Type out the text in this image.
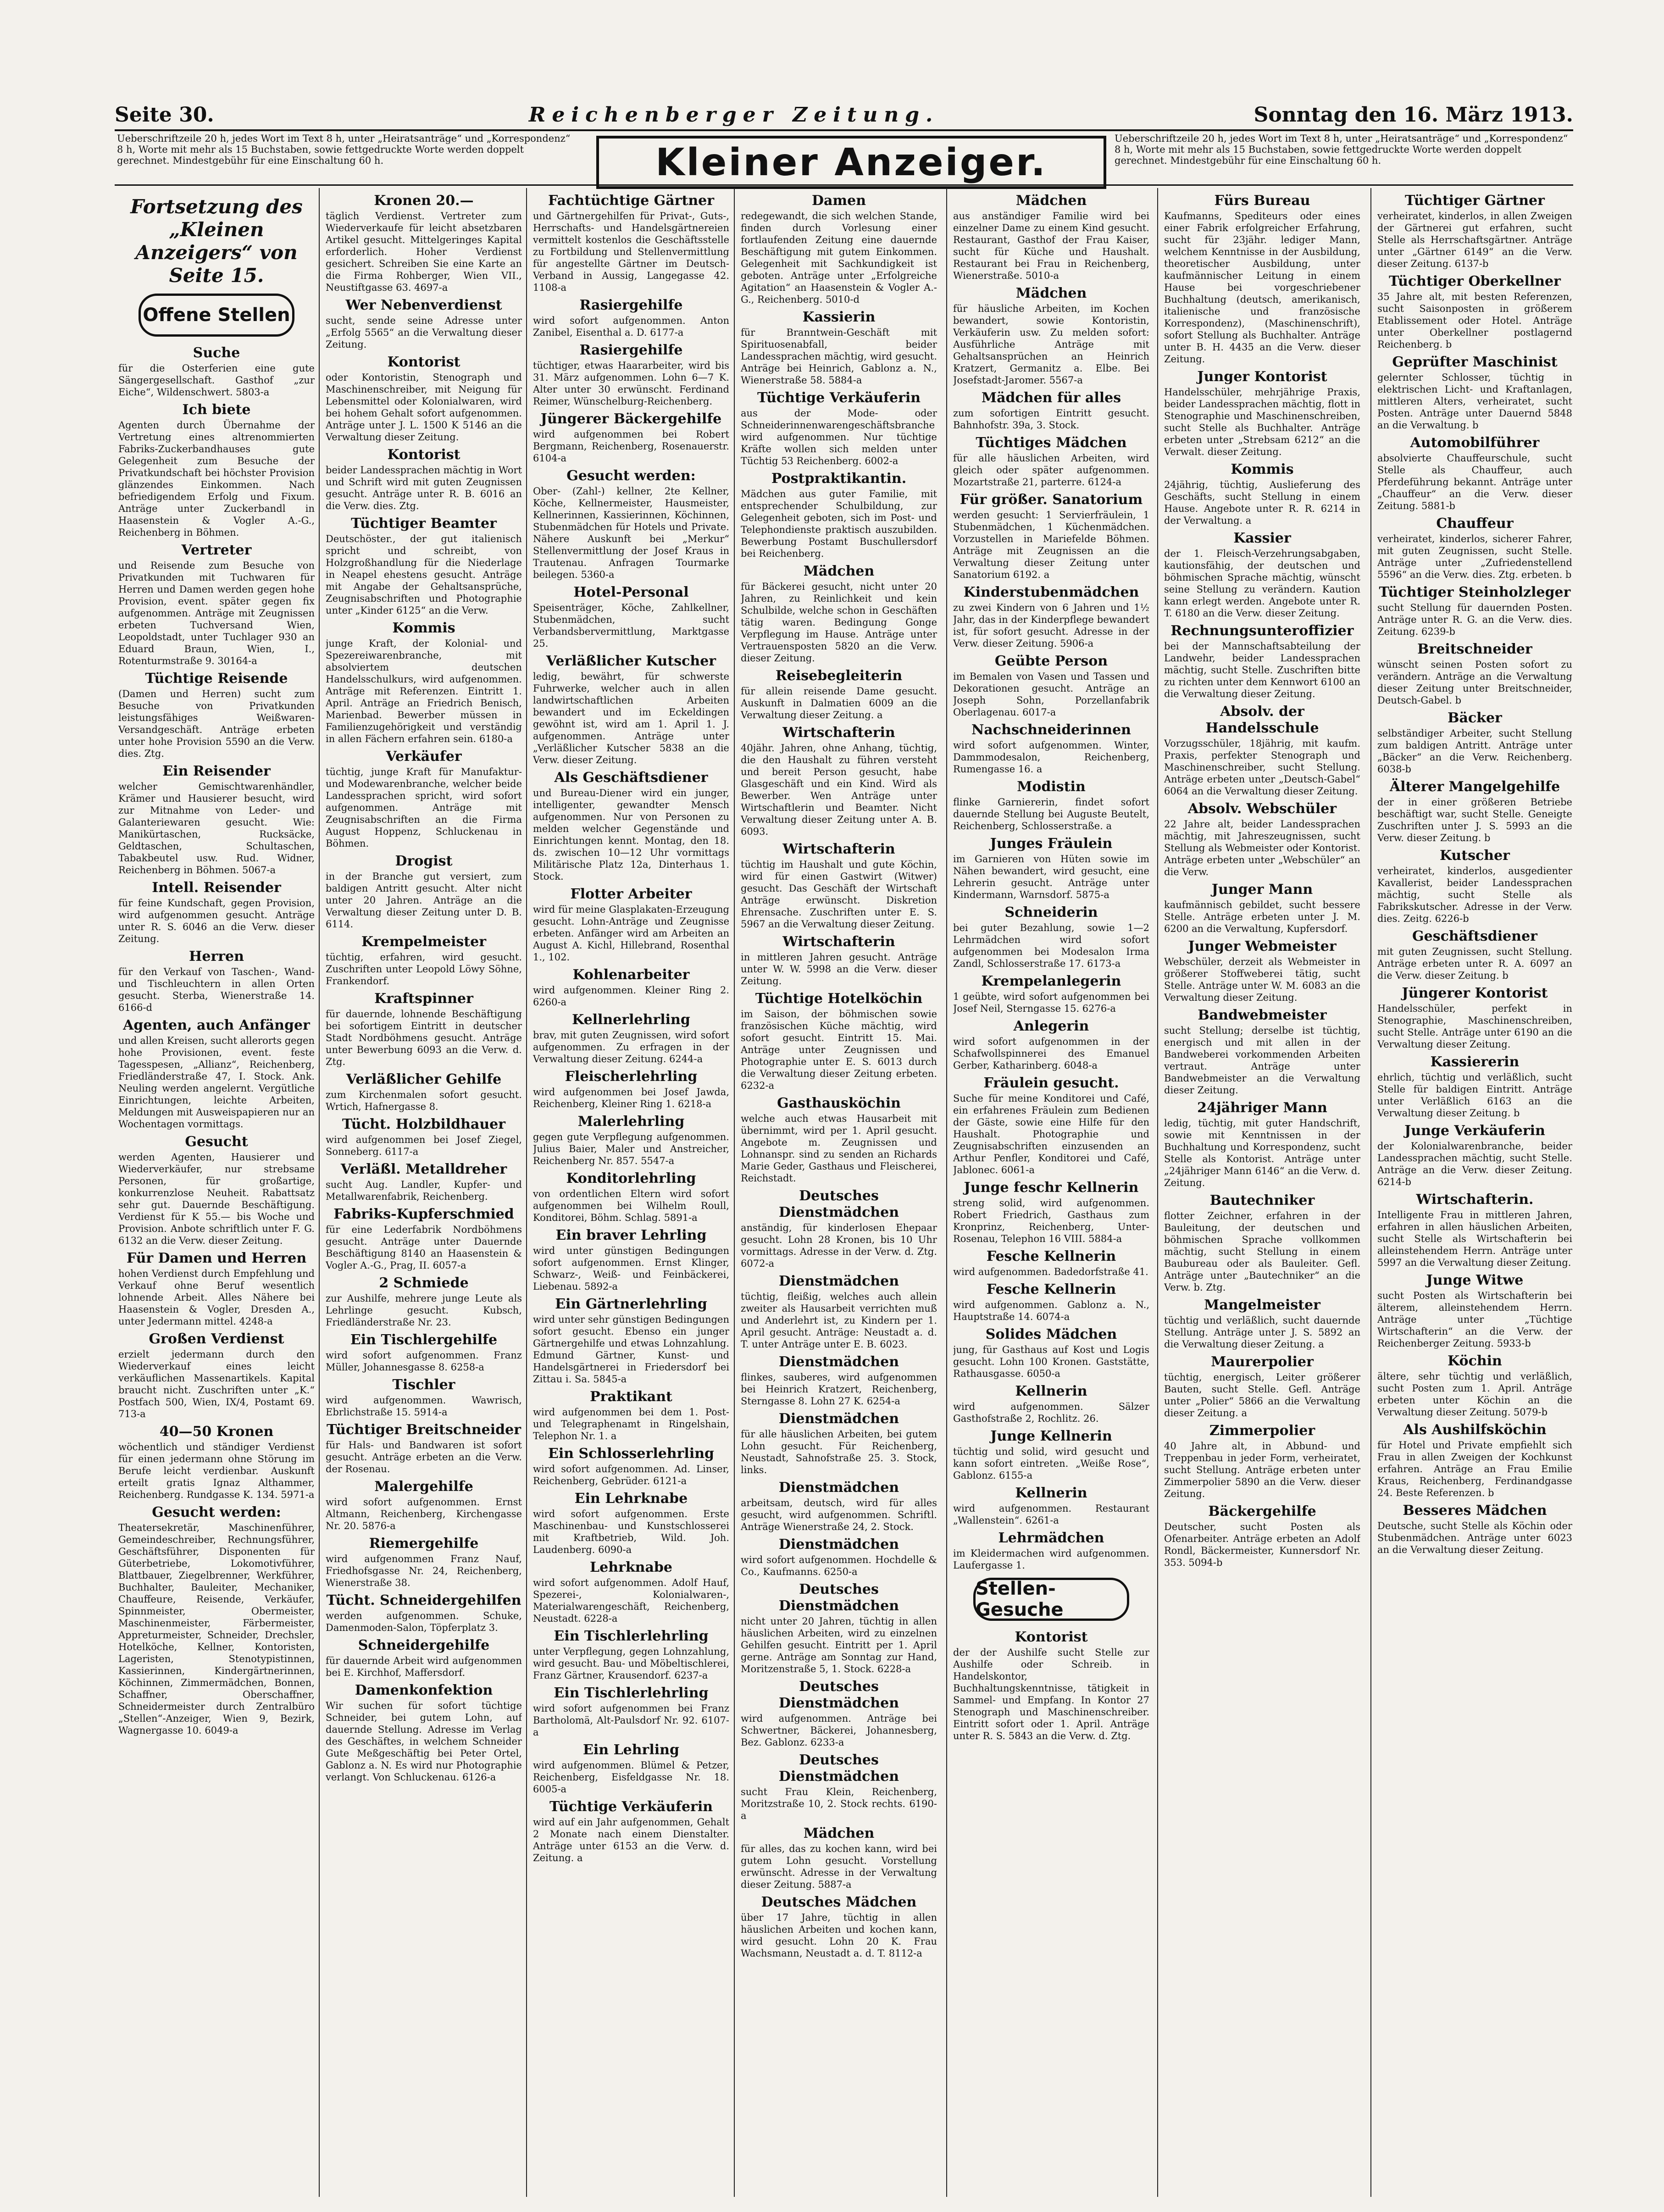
Seite 30.	Reichenberger Zeitung.	Sonntag den 16. März 1913.
Ueberschriftzeile 20 h, jedes Wort im Text 8 h, unter „Heiratsanträge“ und „Korrespondenz“ 8 h, Worte mit mehr als 15 Buchstaben, sowie fettgedruckte Worte werden doppelt gerechnet. Mindestgebühr für eine Einschaltung 60 h.	Kleiner Anzeiger.
Ueberschriftzeile 20 h, jedes Wort im Text 8 h, unter „Heiratsanträge“ und „Korrespondenz“ 8 h, Worte mit mehr als 15 Buchstaben, sowie fettgedruckte Worte werden doppelt gerechnet. Mindestgebühr für eine Einschaltung 60 h.
Fortsetzung des „Kleinen Anzeigers“ von Seite 15.
Offene Stellen
Suche
für die Osterferien eine gute Sängergesellschaft. Gasthof „zur Eiche“, Wildenschwert. 5803-a
Ich biete
Agenten durch Übernahme der Vertretung eines altrenommierten Fabriks-Zuckerbandhauses gute Gelegenheit zum Besuche der Privatkundschaft bei höchster Provision glänzendes Einkommen. Nach befriedigendem Erfolg und Fixum. Anträge unter Zuckerbandl in Haasenstein & Vogler A.-G., Reichenberg in Böhmen.
Vertreter
und Reisende zum Besuche von Privatkunden mit Tuchwaren für Herren und Damen werden gegen hohe Provision, event. später gegen fix aufgenommen. Anträge mit Zeugnissen erbeten Tuchversand Wien, Leopoldstadt, unter Tuchlager 930 an Eduard Braun, Wien, I., Rotenturmstraße 9. 30164-a
Tüchtige Reisende
(Damen und Herren) sucht zum Besuche von Privatkunden leistungsfähiges Weißwaren- Versandgeschäft. Anträge erbeten unter hohe Provision 5590 an die Verw. dies. Ztg.
Ein Reisender
welcher Gemischtwarenhändler, Krämer und Hausierer besucht, wird zur Mitnahme von Leder- und Galanteriewaren gesucht. Wie: Manikürtaschen, Rucksäcke, Geldtaschen, Schultaschen, Tabakbeutel usw. Rud. Widner, Reichenberg in Böhmen. 5067-a
Intell. Reisender
für feine Kundschaft, gegen Provision, wird aufgenommen gesucht. Anträge unter R. S. 6046 an die Verw. dieser Zeitung.
Herren
für den Verkauf von Taschen-, Wand- und Tischleuchtern in allen Orten gesucht. Sterba, Wienerstraße 14. 6166-d
Agenten, auch Anfänger
und allen Kreisen, sucht allerorts gegen hohe Provisionen, event. feste Tagesspesen, „Allianz“, Reichenberg, Friedländerstraße 47, I. Stock. Ank. Neuling werden angelernt. Vergütliche Einrichtungen, leichte Arbeiten, Meldungen mit Ausweispapieren nur an Wochentagen vormittags.
Gesucht
werden Agenten, Hausierer und Wiederverkäufer, nur strebsame Personen, für großartige, konkurrenzlose Neuheit. Rabattsatz sehr gut. Dauernde Beschäftigung. Verdienst für K 55.— bis Woche und Provision. Anbote schriftlich unter F. G. 6132 an die Verw. dieser Zeitung.
Für Damen und Herren
hohen Verdienst durch Empfehlung und Verkauf ohne Beruf wesentlich lohnende Arbeit. Alles Nähere bei Haasenstein & Vogler, Dresden A., unter Jedermann mittel. 4248-a
Großen Verdienst
erzielt jedermann durch den Wiederverkauf eines leicht verkäuflichen Massenartikels. Kapital braucht nicht. Zuschriften unter „K.“ Postfach 500, Wien, IX/4, Postamt 69. 713-a
40—50 Kronen
wöchentlich und ständiger Verdienst für einen jedermann ohne Störung im Berufe leicht verdienbar. Auskunft erteilt gratis Ignaz Althammer, Reichenberg. Rundgasse K. 134. 5971-a
Gesucht werden:
Theatersekretär, Maschinenführer, Gemeindeschreiber, Rechnungsführer, Geschäftsführer, Disponenten für Güterbetriebe, Lokomotivführer, Blattbauer, Ziegelbrenner, Werkführer, Buchhalter, Bauleiter, Mechaniker, Chauffeure, Reisende, Verkäufer, Spinnmeister, Obermeister, Maschinenmeister, Färbermeister, Appreturmeister, Schneider, Drechsler, Hotelköche, Kellner, Kontoristen, Lageristen, Stenotypistinnen, Kassierinnen, Kindergärtnerinnen, Köchinnen, Zimmermädchen, Bonnen, Schaffner, Oberschaffner, Schneidermeister durch Zentralbüro „Stellen“-Anzeiger, Wien 9, Bezirk, Wagnergasse 10. 6049-a
Kronen 20.—
täglich Verdienst. Vertreter zum Wiederverkaufe für leicht absetzbaren Artikel gesucht. Mittelgeringes Kapital erforderlich. Hoher Verdienst gesichert. Schreiben Sie eine Karte an die Firma Rohberger, Wien VII., Neustiftgasse 63. 4697-a
Wer Nebenverdienst
sucht, sende seine Adresse unter „Erfolg 5565“ an die Verwaltung dieser Zeitung.
Kontorist
oder Kontoristin, Stenograph und Maschinenschreiber, mit Neigung für Lebensmittel oder Kolonialwaren, wird bei hohem Gehalt sofort aufgenommen. Anträge unter J. L. 1500 K 5146 an die Verwaltung dieser Zeitung.
Kontorist
beider Landessprachen mächtig in Wort und Schrift wird mit guten Zeugnissen gesucht. Anträge unter R. B. 6016 an die Verw. dies. Ztg.
Tüchtiger Beamter
Deutschöster., der gut italienisch spricht und schreibt, von Holzgroßhandlung für die Niederlage in Neapel ehestens gesucht. Anträge mit Angabe der Gehaltsansprüche, Zeugnisabschriften und Photographie unter „Kinder 6125“ an die Verw.
Kommis
junge Kraft, der Kolonial- und Spezereiwarenbranche, mit absolviertem deutschen Handelsschulkurs, wird aufgenommen. Anträge mit Referenzen. Eintritt 1. April. Anträge an Friedrich Benisch, Marienbad. Bewerber müssen in Familienzugehörigkeit und verständig in allen Fächern erfahren sein. 6180-a
Verkäufer
tüchtig, junge Kraft für Manufaktur- und Modewarenbranche, welcher beide Landessprachen spricht, wird sofort aufgenommen. Anträge mit Zeugnisabschriften an die Firma August Hoppenz, Schluckenau in Böhmen.
Drogist
in der Branche gut versiert, zum baldigen Antritt gesucht. Alter nicht unter 20 Jahren. Anträge an die Verwaltung dieser Zeitung unter D. B. 6114.
Krempelmeister
tüchtig, erfahren, wird gesucht. Zuschriften unter Leopold Löwy Söhne, Frankendorf.
Kraftspinner
für dauernde, lohnende Beschäftigung bei sofortigem Eintritt in deutscher Stadt Nordböhmens gesucht. Anträge unter Bewerbung 6093 an die Verw. d. Ztg.
Verläßlicher Gehilfe
zum Kirchenmalen sofort gesucht. Wrtich, Hafnergasse 8.
Tücht. Holzbildhauer
wird aufgenommen bei Josef Ziegel, Sonneberg. 6117-a
Verläßl. Metalldreher
sucht Aug. Landler, Kupfer- und Metallwarenfabrik, Reichenberg.
Fabriks-Kupferschmied
für eine Lederfabrik Nordböhmens gesucht. Anträge unter Dauernde Beschäftigung 8140 an Haasenstein & Vogler A.-G., Prag, II. 6057-a
2 Schmiede
zur Aushilfe, mehrere junge Leute als Lehrlinge gesucht. Kubsch, Friedländerstraße Nr. 23.
Ein Tischlergehilfe
wird sofort aufgenommen. Franz Müller, Johannesgasse 8. 6258-a
Tischler
wird aufgenommen. Wawrisch, Ebrlichstraße 15. 5914-a
Tüchtiger Breitschneider
für Hals- und Bandwaren ist sofort gesucht. Anträge erbeten an die Verw. der Rosenau.
Malergehilfe
wird sofort aufgenommen. Ernst Altmann, Reichenberg, Kirchengasse Nr. 20. 5876-a
Riemergehilfe
wird aufgenommen Franz Nauf, Friedhofsgasse Nr. 24, Reichenberg, Wienerstraße 38.
Tücht. Schneidergehilfen
werden aufgenommen. Schuke, Damenmoden-Salon, Töpferplatz 3.
Schneidergehilfe
für dauernde Arbeit wird aufgenommen bei E. Kirchhof, Maffersdorf.
Damenkonfektion
Wir suchen für sofort tüchtige Schneider, bei gutem Lohn, auf dauernde Stellung. Adresse im Verlag des Geschäftes, in welchem Schneider Gute Meßgeschäftig bei Peter Ortel, Gablonz a. N. Es wird nur Photographie verlangt. Von Schluckenau. 6126-a
Fachtüchtige Gärtner
und Gärtnergehilfen für Privat-, Guts-, Herrschafts- und Handelsgärtnereien vermittelt kostenlos die Geschäftsstelle zu Fortbildung und Stellenvermittlung für angestellte Gärtner im Deutsch-Verband in Aussig, Langegasse 42. 1108-a
Rasiergehilfe
wird sofort aufgenommen. Anton Zanibel, Eisenthal a. D. 6177-a
Rasiergehilfe
tüchtiger, etwas Haararbeiter, wird bis 31. März aufgenommen. Lohn 6—7 K. Alter unter 30 erwünscht. Ferdinand Reimer, Wünschelburg-Reichenberg.
Jüngerer Bäckergehilfe
wird aufgenommen bei Robert Bergmann, Reichenberg, Rosenauerstr. 6104-a
Gesucht werden:
Ober- (Zahl-) kellner, 2te Kellner, Köche, Kellnermeister, Hausmeister, Kellnerinnen, Kassierinnen, Köchinnen, Stubenmädchen für Hotels und Private. Nähere Auskunft bei „Merkur“ Stellenvermittlung der Josef Kraus in Trautenau. Anfragen Tourmarke beilegen. 5360-a
Hotel-Personal
Speisenträger, Köche, Zahlkellner, Stubenmädchen, sucht Verbandsbervermittlung, Marktgasse 25.
Verläßlicher Kutscher
ledig, bewährt, für schwerste Fuhrwerke, welcher auch in allen landwirtschaftlichen Arbeiten bewandert und im Eckeldingen gewöhnt ist, wird am 1. April 1. J. aufgenommen. Anträge unter „Verläßlicher Kutscher 5838 an die Verw. dieser Zeitung.
Als Geschäftsdiener
und Bureau-Diener wird ein junger, intelligenter, gewandter Mensch aufgenommen. Nur von Personen zu melden welcher Gegenstände und Einrichtungen kennt. Montag, den 18. ds. zwischen 10—12 Uhr vormittags Militärische Platz 12a, Dinterhaus 1. Stock.
Flotter Arbeiter
wird für meine Glasplakaten-Erzeugung gesucht. Lohn-Anträge und Zeugnisse erbeten. Anfänger wird am Arbeiten an August A. Kichl, Hillebrand, Rosenthal 1., 102.
Kohlenarbeiter
wird aufgenommen. Kleiner Ring 2. 6260-a
Kellnerlehrling
brav, mit guten Zeugnissen, wird sofort aufgenommen. Zu erfragen in der Verwaltung dieser Zeitung. 6244-a
Fleischerlehrling
wird aufgenommen bei Josef Jawda, Reichenberg, Kleiner Ring 1. 6218-a
Malerlehrling
gegen gute Verpflegung aufgenommen. Julius Baier, Maler und Anstreicher, Reichenberg Nr. 857. 5547-a
Konditorlehrling
von ordentlichen Eltern wird sofort aufgenommen bei Wilhelm Roull, Konditorei, Böhm. Schlag. 5891-a
Ein braver Lehrling
wird unter günstigen Bedingungen sofort aufgenommen. Ernst Klinger, Schwarz-, Weiß- und Feinbäckerei, Liebenau. 5892-a
Ein Gärtnerlehrling
wird unter sehr günstigen Bedingungen sofort gesucht. Ebenso ein junger Gärtnergehilfe und etwas Lohnzahlung. Edmund Gärtner, Kunst- und Handelsgärtnerei in Friedersdorf bei Zittau i. Sa. 5845-a
Praktikant
wird aufgenommen bei dem 1. Post- und Telegraphenamt in Ringelshain, Telephon Nr. 1. a
Ein Schlosserlehrling
wird sofort aufgenommen. Ad. Linser, Reichenberg, Gebrüder. 6121-a
Ein Lehrknabe
wird sofort aufgenommen. Erste Maschinenbau- und Kunstschlosserei mit Kraftbetrieb, Wild. Joh. Laudenberg. 6090-a
Lehrknabe
wird sofort aufgenommen. Adolf Hauf, Spezerei-, Kolonialwaren-, Materialwarengeschäft, Reichenberg, Neustadt. 6228-a
Ein Tischlerlehrling
unter Verpflegung, gegen Lohnzahlung, wird gesucht. Bau- und Möbeltischlerei, Franz Gärtner, Krausendorf. 6237-a
Ein Tischlerlehrling
wird sofort aufgenommen bei Franz Bartholomä, Alt-Paulsdorf Nr. 92. 6107-a
Ein Lehrling
wird aufgenommen. Blümel & Petzer, Reichenberg, Eisfeldgasse Nr. 18. 6005-a
Tüchtige Verkäuferin
wird auf ein Jahr aufgenommen, Gehalt 2 Monate nach einem Dienstalter. Anträge unter 6153 an die Verw. d. Zeitung. a
Damen
redegewandt, die sich welchen Stande, finden durch Vorlesung einer fortlaufenden Zeitung eine dauernde Beschäftigung mit gutem Einkommen. Gelegenheit mit Sachkundigkeit ist geboten. Anträge unter „Erfolgreiche Agitation“ an Haasenstein & Vogler A.-G., Reichenberg. 5010-d
Kassierin
für Branntwein-Geschäft mit Spirituosenabfall, beider Landessprachen mächtig, wird gesucht. Anträge bei Heinrich, Gablonz a. N., Wienerstraße 58. 5884-a
Tüchtige Verkäuferin
aus der Mode- oder Schneiderinnenwarengeschäftsbranche wird aufgenommen. Nur tüchtige Kräfte wollen sich melden unter Tüchtig 53 Reichenberg. 6002-a
Postpraktikantin.
Mädchen aus guter Familie, mit entsprechender Schulbildung, zur Gelegenheit geboten, sich im Post- und Telephondienste praktisch auszubilden. Bewerbung Postamt Buschullersdorf bei Reichenberg.
Mädchen
für Bäckerei gesucht, nicht unter 20 Jahren, zu Reinlichkeit und kein Schulbilde, welche schon in Geschäften tätig waren. Bedingung Gonge Verpflegung im Hause. Anträge unter Vertrauensposten 5820 an die Verw. dieser Zeitung.
Reisebegleiterin
für allein reisende Dame gesucht. Auskunft in Dalmatien 6009 an die Verwaltung dieser Zeitung. a
Wirtschafterin
40jähr. Jahren, ohne Anhang, tüchtig, die den Haushalt zu führen versteht und bereit Person gesucht, habe Glasgeschäft und ein Kind. Wird als Bewerber. Wen Anträge unter Wirtschaftlerin und Beamter. Nicht Verwaltung dieser Zeitung unter A. B. 6093.
Wirtschafterin
tüchtig im Haushalt und gute Köchin, wird für einen Gastwirt (Witwer) gesucht. Das Geschäft der Wirtschaft Anträge erwünscht. Diskretion Ehrensache. Zuschriften unter E. S. 5967 an die Verwaltung dieser Zeitung.
Wirtschafterin
in mittleren Jahren gesucht. Anträge unter W. W. 5998 an die Verw. dieser Zeitung.
Tüchtige Hotelköchin
im Saison, der böhmischen sowie französischen Küche mächtig, wird sofort gesucht. Eintritt 15. Mai. Anträge unter Zeugnissen und Photographie unter E. S. 6013 durch die Verwaltung dieser Zeitung erbeten. 6232-a
Gasthausköchin
welche auch etwas Hausarbeit mit übernimmt, wird per 1. April gesucht. Angebote m. Zeugnissen und Lohnanspr. sind zu senden an Richards Marie Geder, Gasthaus und Fleischerei, Reichstadt.
Deutsches Dienstmädchen
anständig, für kinderlosen Ehepaar gesucht. Lohn 28 Kronen, bis 10 Uhr vormittags. Adresse in der Verw. d. Ztg. 6072-a
Dienstmädchen
tüchtig, fleißig, welches auch allein zweiter als Hausarbeit verrichten muß und Anderlehrt ist, zu Kindern per 1. April gesucht. Anträge: Neustadt a. d. T. unter Anträge unter E. B. 6023.
Dienstmädchen
flinkes, sauberes, wird aufgenommen bei Heinrich Kratzert, Reichenberg, Sterngasse 8. Lohn 27 K. 6254-a
Dienstmädchen
für alle häuslichen Arbeiten, bei gutem Lohn gesucht. Für Reichenberg, Neustadt, Sahnofstraße 25. 3. Stock, links.
Dienstmädchen
arbeitsam, deutsch, wird für alles gesucht, wird aufgenommen. Schriftl. Anträge Wienerstraße 24, 2. Stock.
Dienstmädchen
wird sofort aufgenommen. Hochdelle & Co., Kaufmanns. 6250-a
Deutsches Dienstmädchen
nicht unter 20 Jahren, tüchtig in allen häuslichen Arbeiten, wird zu einzelnen Gehilfen gesucht. Eintritt per 1. April gerne. Anträge am Sonntag zur Hand, Moritzenstraße 5, 1. Stock. 6228-a
Deutsches Dienstmädchen
wird aufgenommen. Anträge bei Schwertner, Bäckerei, Johannesberg, Bez. Gablonz. 6233-a
Deutsches Dienstmädchen
sucht Frau Klein, Reichenberg, Moritzstraße 10, 2. Stock rechts. 6190-a
Mädchen
für alles, das zu kochen kann, wird bei gutem Lohn gesucht. Vorstellung erwünscht. Adresse in der Verwaltung dieser Zeitung. 5887-a
Deutsches Mädchen
über 17 Jahre, tüchtig in allen häuslichen Arbeiten und kochen kann, wird gesucht. Lohn 20 K. Frau Wachsmann, Neustadt a. d. T. 8112-a
Mädchen
aus anständiger Familie wird bei einzelner Dame zu einem Kind gesucht. Restaurant, Gasthof der Frau Kaiser, sucht für Küche und Haushalt. Restaurant bei Frau in Reichenberg, Wienerstraße. 5010-a
Mädchen
für häusliche Arbeiten, im Kochen bewandert, sowie Kontoristin, Verkäuferin usw. Zu melden sofort: Ausführliche Anträge mit Gehaltsansprüchen an Heinrich Kratzert, Germanitz a. Elbe. Bei Josefstadt-Jaromer. 5567-a
Mädchen für alles
zum sofortigen Eintritt gesucht. Bahnhofstr. 39a, 3. Stock.
Tüchtiges Mädchen
für alle häuslichen Arbeiten, wird gleich oder später aufgenommen. Mozartstraße 21, parterre. 6124-a
Für größer. Sanatorium
werden gesucht: 1 Servierfräulein, 1 Stubenmädchen, 1 Küchenmädchen. Vorzustellen in Mariefelde Böhmen. Anträge mit Zeugnissen an die Verwaltung dieser Zeitung unter Sanatorium 6192. a
Kinderstubenmädchen
zu zwei Kindern von 6 Jahren und 1½ Jahr, das in der Kinderpflege bewandert ist, für sofort gesucht. Adresse in der Verw. dieser Zeitung. 5906-a
Geübte Person
im Bemalen von Vasen und Tassen und Dekorationen gesucht. Anträge an Joseph Sohn, Porzellanfabrik Oberlagenau. 6017-a
Nachschneiderinnen
wird sofort aufgenommen. Winter, Dammmodesalon, Reichenberg, Rumengasse 16. a
Modistin
flinke Garniererin, findet sofort dauernde Stellung bei Auguste Beutelt, Reichenberg, Schlosserstraße. a
Junges Fräulein
im Garnieren von Hüten sowie im Nähen bewandert, wird gesucht, eine Lehrerin gesucht. Anträge unter Kindermann, Warnsdorf. 5875-a
Schneiderin
bei guter Bezahlung, sowie 1—2 Lehrmädchen wird sofort aufgenommen bei Modesalon Irma Zandl, Schlosserstraße 17. 6173-a
Krempelanlegerin
1 geübte, wird sofort aufgenommen bei Josef Neil, Sterngasse 15. 6276-a
Anlegerin
wird sofort aufgenommen in der Schafwollspinnerei des Emanuel Gerber, Katharinberg. 6048-a
Fräulein gesucht.
Suche für meine Konditorei und Café, ein erfahrenes Fräulein zum Bedienen der Gäste, sowie eine Hilfe für den Haushalt. Photographie und Zeugnisabschriften einzusenden an Arthur Penfler, Konditorei und Café, Jablonec. 6061-a
Junge feschr Kellnerin
streng solid, wird aufgenommen. Robert Friedrich, Gasthaus zum Kronprinz, Reichenberg, Unter-Rosenau, Telephon 16 VIII. 5884-a
Fesche Kellnerin
wird aufgenommen. Badedorfstraße 41.
Fesche Kellnerin
wird aufgenommen. Gablonz a. N., Hauptstraße 14. 6074-a
Solides Mädchen
jung, für Gasthaus auf Kost und Logis gesucht. Lohn 100 Kronen. Gaststätte, Rathausgasse. 6050-a
Kellnerin
wird aufgenommen. Sälzer Gasthofstraße 2, Rochlitz. 26.
Junge Kellnerin
tüchtig und solid, wird gesucht und kann sofort eintreten. „Weiße Rose“, Gablonz. 6155-a
Kellnerin
wird aufgenommen. Restaurant „Wallenstein“. 6261-a
Lehrmädchen
im Kleidermachen wird aufgenommen. Laufergasse 1.
Stellen-Gesuche
Kontorist
der der Aushilfe sucht Stelle zur Aushilfe oder Schreib. in Handelskontor, Buchhaltungskenntnisse, tätigkeit in Sammel- und Empfang. In Kontor 27 Stenograph und Maschinenschreiber. Eintritt sofort oder 1. April. Anträge unter R. S. 5843 an die Verw. d. Ztg.
Fürs Bureau
Kaufmanns, Spediteurs oder eines einer Fabrik erfolgreicher Erfahrung, sucht für 23jähr. lediger Mann, welchem Kenntnisse in der Ausbildung, theoretischer Ausbildung, unter kaufmännischer Leitung in einem Hause bei vorgeschriebener Buchhaltung (deutsch, amerikanisch, italienische und französische Korrespondenz), (Maschinenschrift), sofort Stellung als Buchhalter. Anträge unter B. H. 4435 an die Verw. dieser Zeitung.
Junger Kontorist
Handelsschüler, mehrjährige Praxis, beider Landessprachen mächtig, flott in Stenographie und Maschinenschreiben, sucht Stelle als Buchhalter. Anträge erbeten unter „Strebsam 6212“ an die Verwalt. dieser Zeitung.
Kommis
24jährig, tüchtig, Auslieferung des Geschäfts, sucht Stellung in einem Hause. Angebote unter R. R. 6214 in der Verwaltung. a
Kassier
der 1. Fleisch-Verzehrungsabgaben, kautionsfähig, der deutschen und böhmischen Sprache mächtig, wünscht seine Stellung zu verändern. Kaution kann erlegt werden. Angebote unter R. T. 6180 an die Verw. dieser Zeitung.
Rechnungsunteroffizier
bei der Mannschaftsabteilung der Landwehr, beider Landessprachen mächtig, sucht Stelle. Zuschriften bitte zu richten unter dem Kennwort 6100 an die Verwaltung dieser Zeitung.
Absolv. der Handelsschule
Vorzugsschüler, 18jährig, mit kaufm. Praxis, perfekter Stenograph und Maschinenschreiber, sucht Stellung. Anträge erbeten unter „Deutsch-Gabel“ 6064 an die Verwaltung dieser Zeitung.
Absolv. Webschüler
22 Jahre alt, beider Landessprachen mächtig, mit Jahreszeugnissen, sucht Stellung als Webmeister oder Kontorist. Anträge erbeten unter „Webschüler“ an die Verw.
Junger Mann
kaufmännisch gebildet, sucht bessere Stelle. Anträge erbeten unter J. M. 6200 an die Verwaltung, Kupfersdorf.
Junger Webmeister
Webschüler, derzeit als Webmeister in größerer Stoffweberei tätig, sucht Stelle. Anträge unter W. M. 6083 an die Verwaltung dieser Zeitung.
Bandwebmeister
sucht Stellung; derselbe ist tüchtig, energisch und mit allen in der Bandweberei vorkommenden Arbeiten vertraut. Anträge unter Bandwebmeister an die Verwaltung dieser Zeitung.
24jähriger Mann
ledig, tüchtig, mit guter Handschrift, sowie mit Kenntnissen in der Buchhaltung und Korrespondenz, sucht Stelle als Kontorist. Anträge unter „24jähriger Mann 6146“ an die Verw. d. Zeitung.
Bautechniker
flotter Zeichner, erfahren in der Bauleitung, der deutschen und böhmischen Sprache vollkommen mächtig, sucht Stellung in einem Baubureau oder als Bauleiter. Gefl. Anträge unter „Bautechniker“ an die Verw. b. Ztg.
Mangelmeister
tüchtig und verläßlich, sucht dauernde Stellung. Anträge unter J. S. 5892 an die Verwaltung dieser Zeitung. a
Maurerpolier
tüchtig, energisch, Leiter größerer Bauten, sucht Stelle. Gefl. Anträge unter „Polier“ 5866 an die Verwaltung dieser Zeitung. a
Zimmerpolier
40 Jahre alt, in Abbund- und Treppenbau in jeder Form, verheiratet, sucht Stellung. Anträge erbeten unter Zimmerpolier 5890 an die Verw. dieser Zeitung.
Bäckergehilfe
Deutscher, sucht Posten als Ofenarbeiter. Anträge erbeten an Adolf Rondl, Bäckermeister, Kunnersdorf Nr. 353. 5094-b
Tüchtiger Gärtner
verheiratet, kinderlos, in allen Zweigen der Gärtnerei gut erfahren, sucht Stelle als Herrschaftsgärtner. Anträge unter „Gärtner 6149“ an die Verw. dieser Zeitung. 6137-b
Tüchtiger Oberkellner
35 Jahre alt, mit besten Referenzen, sucht Saisonposten in größerem Etablissement oder Hotel. Anträge unter Oberkellner postlagernd Reichenberg. b
Geprüfter Maschinist
gelernter Schlosser, tüchtig in elektrischen Licht- und Kraftanlagen, mittleren Alters, verheiratet, sucht Posten. Anträge unter Dauernd 5848 an die Verwaltung. b
Automobilführer
absolvierte Chauffeurschule, sucht Stelle als Chauffeur, auch Pferdeführung bekannt. Anträge unter „Chauffeur“ an die Verw. dieser Zeitung. 5881-b
Chauffeur
verheiratet, kinderlos, sicherer Fahrer, mit guten Zeugnissen, sucht Stelle. Anträge unter „Zufriedenstellend 5596“ an die Verw. dies. Ztg. erbeten. b
Tüchtiger Steinholzleger
sucht Stellung für dauernden Posten. Anträge unter R. G. an die Verw. dies. Zeitung. 6239-b
Breitschneider
wünscht seinen Posten sofort zu verändern. Anträge an die Verwaltung dieser Zeitung unter Breitschneider, Deutsch-Gabel. b
Bäcker
selbständiger Arbeiter, sucht Stellung zum baldigen Antritt. Anträge unter „Bäcker“ an die Verw. Reichenberg. 6038-b
Älterer Mangelgehilfe
der in einer größeren Betriebe beschäftigt war, sucht Stelle. Geneigte Zuschriften unter J. S. 5993 an die Verw. dieser Zeitung. b
Kutscher
verheiratet, kinderlos, ausgedienter Kavallerist, beider Landessprachen mächtig, sucht Stelle als Fabrikskutscher. Adresse in der Verw. dies. Zeitg. 6226-b
Geschäftsdiener
mit guten Zeugnissen, sucht Stellung. Anträge erbeten unter R. A. 6097 an die Verw. dieser Zeitung. b
Jüngerer Kontorist
Handelsschüler, perfekt in Stenographie, Maschinenschreiben, sucht Stelle. Anträge unter 6190 an die Verwaltung dieser Zeitung.
Kassiererin
ehrlich, tüchtig und verläßlich, sucht Stelle für baldigen Eintritt. Anträge unter Verläßlich 6163 an die Verwaltung dieser Zeitung. b
Junge Verkäuferin
der Kolonialwarenbranche, beider Landessprachen mächtig, sucht Stelle. Anträge an die Verw. dieser Zeitung. 6214-b
Wirtschafterin.
Intelligente Frau in mittleren Jahren, erfahren in allen häuslichen Arbeiten, sucht Stelle als Wirtschafterin bei alleinstehendem Herrn. Anträge unter 5997 an die Verwaltung dieser Zeitung.
Junge Witwe
sucht Posten als Wirtschafterin bei älterem, alleinstehendem Herrn. Anträge unter „Tüchtige Wirtschafterin“ an die Verw. der Reichenberger Zeitung. 5933-b
Köchin
ältere, sehr tüchtig und verläßlich, sucht Posten zum 1. April. Anträge erbeten unter Köchin an die Verwaltung dieser Zeitung. 5079-b
Als Aushilfsköchin
für Hotel und Private empfiehlt sich Frau in allen Zweigen der Kochkunst erfahren. Anträge an Frau Emilie Kraus, Reichenberg, Ferdinandgasse 24. Beste Referenzen. b
Besseres Mädchen
Deutsche, sucht Stelle als Köchin oder Stubenmädchen. Anträge unter 6023 an die Verwaltung dieser Zeitung.
